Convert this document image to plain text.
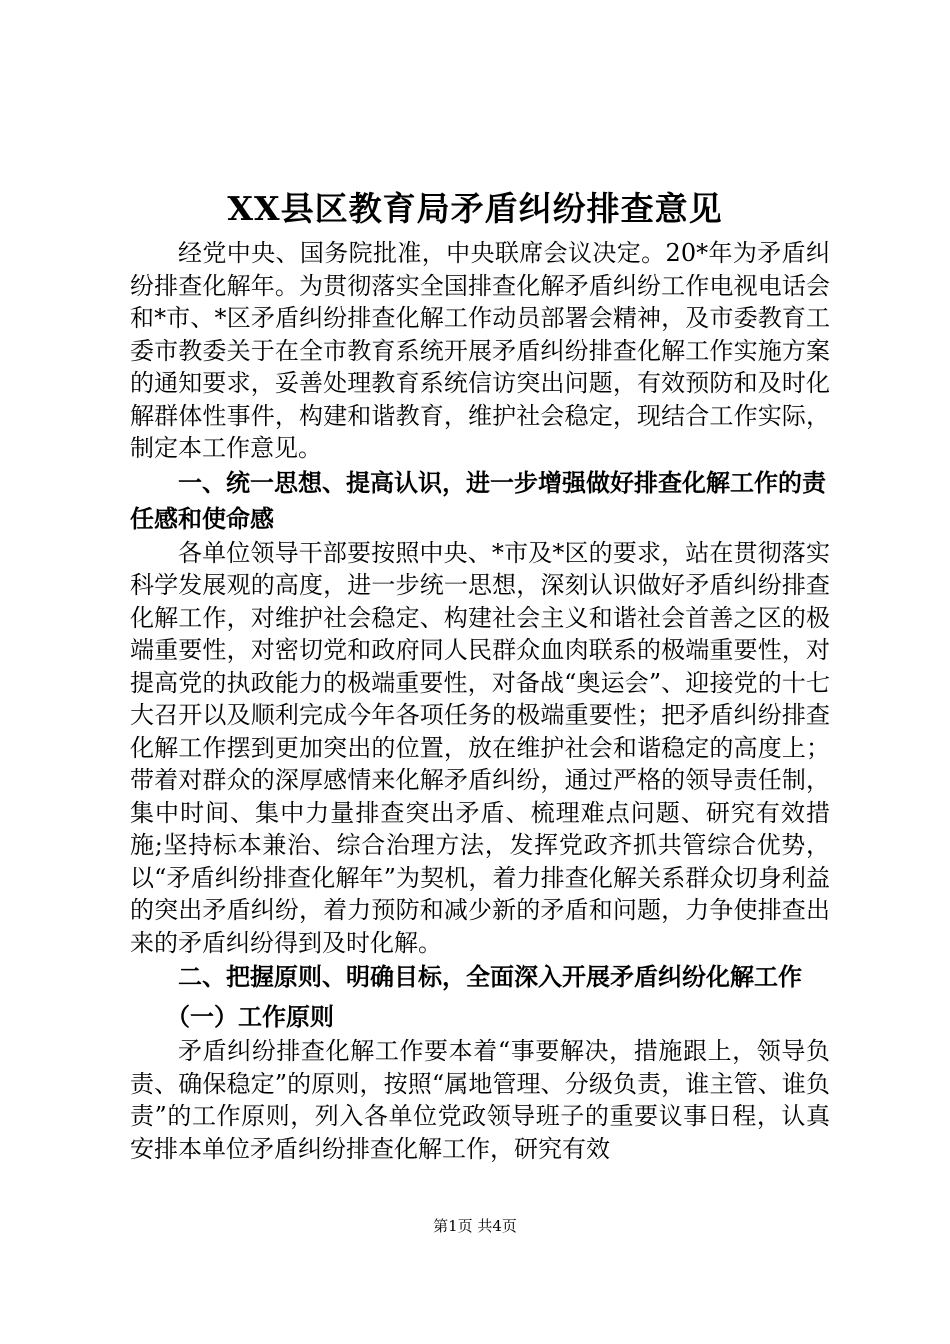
XX县区教育局矛盾纠纷排查意见

经党中央、国务院批准，中央联席会议决定。20*年为矛盾纠纷排查化解年。为贯彻落实全国排查化解矛盾纠纷工作电视电话会和*市、*区矛盾纠纷排查化解工作动员部署会精神，及市委教育工委市教委关于在全市教育系统开展矛盾纠纷排查化解工作实施方案的通知要求，妥善处理教育系统信访突出问题，有效预防和及时化解群体性事件，构建和谐教育，维护社会稳定，现结合工作实际，制定本工作意见。

一、统一思想、提高认识，进一步增强做好排查化解工作的责任感和使命感

各单位领导干部要按照中央、*市及*区的要求，站在贯彻落实科学发展观的高度，进一步统一思想，深刻认识做好矛盾纠纷排查化解工作，对维护社会稳定、构建社会主义和谐社会首善之区的极端重要性，对密切党和政府同人民群众血肉联系的极端重要性，对提高党的执政能力的极端重要性，对备战“奥运会”、迎接党的十七大召开以及顺利完成今年各项任务的极端重要性；把矛盾纠纷排查化解工作摆到更加突出的位置，放在维护社会和谐稳定的高度上；带着对群众的深厚感情来化解矛盾纠纷，通过严格的领导责任制，集中时间、集中力量排查突出矛盾、梳理难点问题、研究有效措施;坚持标本兼治、综合治理方法，发挥党政齐抓共管综合优势，以“矛盾纠纷排查化解年”为契机，着力排查化解关系群众切身利益的突出矛盾纠纷，着力预防和减少新的矛盾和问题，力争使排查出来的矛盾纠纷得到及时化解。

二、把握原则、明确目标，全面深入开展矛盾纠纷化解工作

（一）工作原则

矛盾纠纷排查化解工作要本着“事要解决，措施跟上，领导负责、确保稳定”的原则，按照“属地管理、分级负责，谁主管、谁负责”的工作原则，列入各单位党政领导班子的重要议事日程，认真安排本单位矛盾纠纷排查化解工作，研究有效

第1页 共4页
